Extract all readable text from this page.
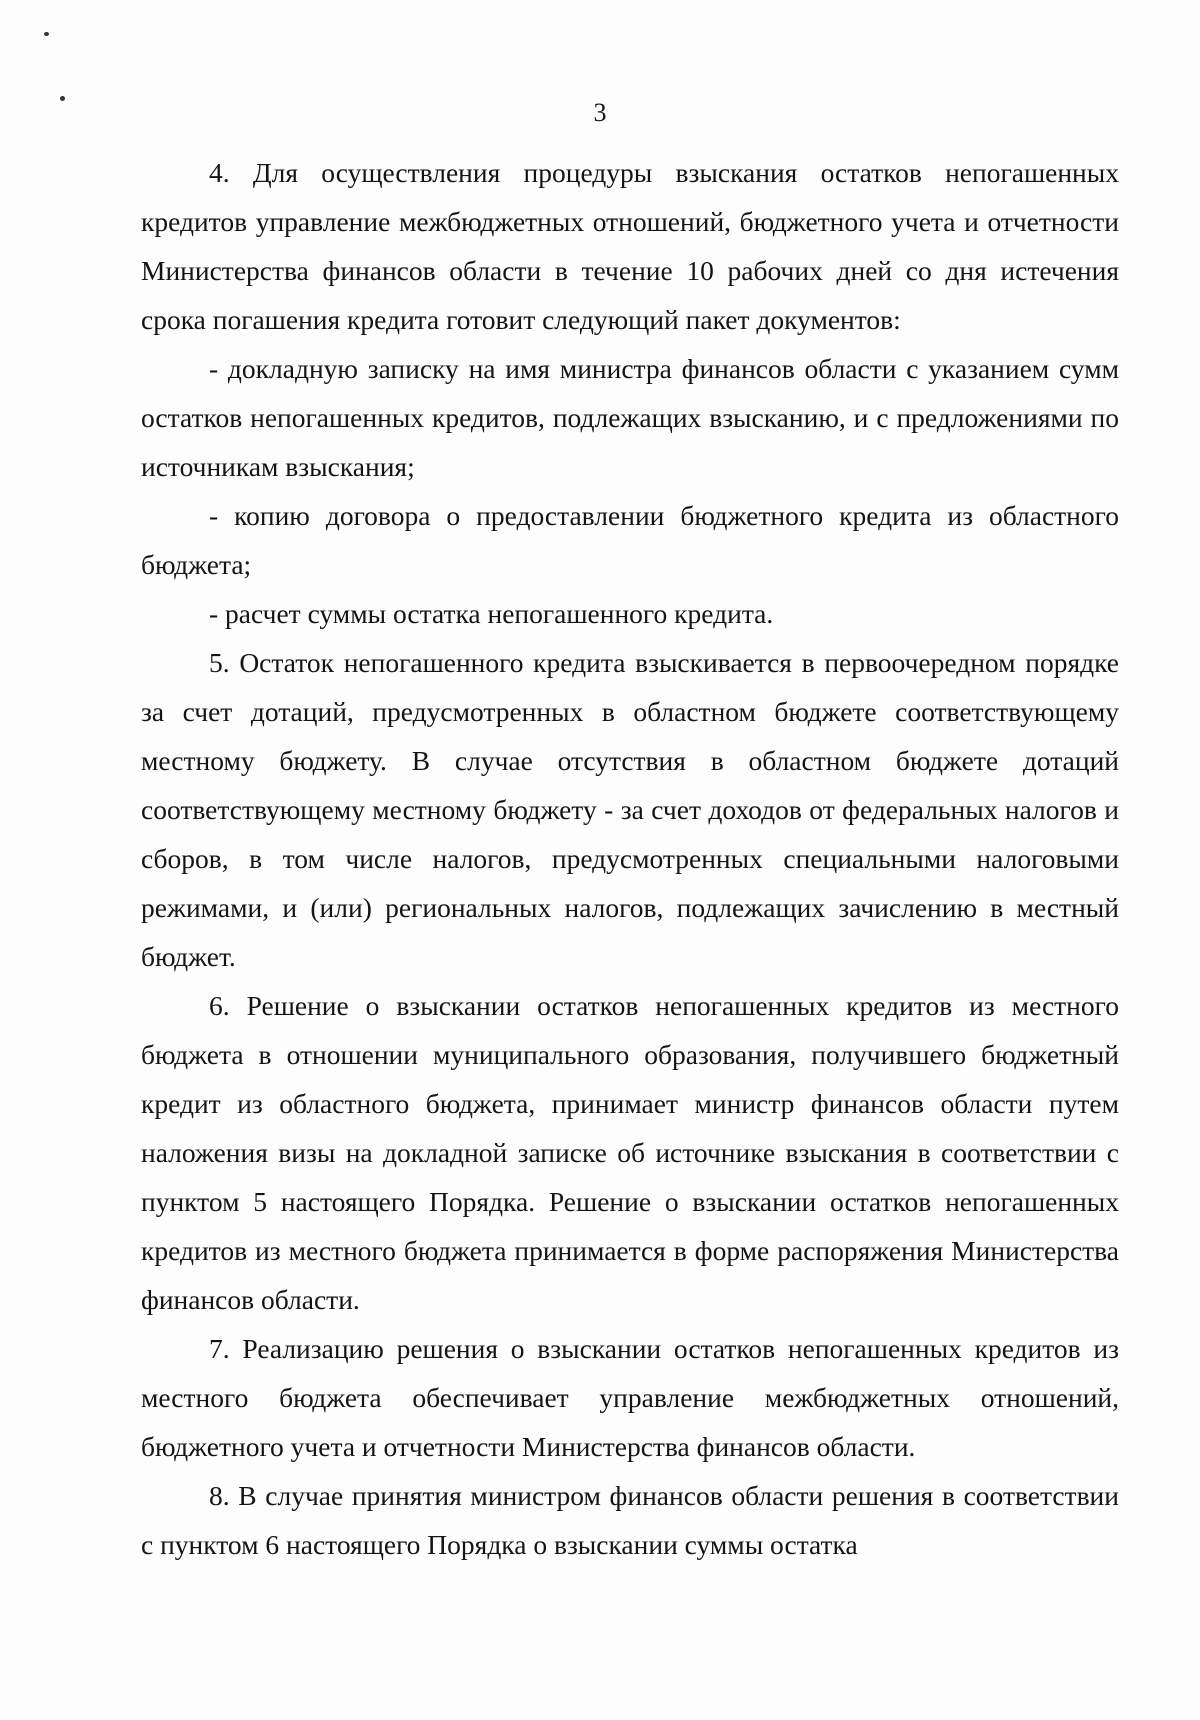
3

4. Для осуществления процедуры взыскания остатков непогашенных кредитов управление межбюджетных отношений, бюджетного учета и отчетности Министерства финансов области в течение 10 рабочих дней со дня истечения срока погашения кредита готовит следующий пакет документов:

- докладную записку на имя министра финансов области с указанием сумм остатков непогашенных кредитов, подлежащих взысканию, и с предложениями по источникам взыскания;

- копию договора о предоставлении бюджетного кредита из областного бюджета;

- расчет суммы остатка непогашенного кредита.

5. Остаток непогашенного кредита взыскивается в первоочередном порядке за счет дотаций, предусмотренных в областном бюджете соответствующему местному бюджету. В случае отсутствия в областном бюджете дотаций соответствующему местному бюджету - за счет доходов от федеральных налогов и сборов, в том числе налогов, предусмотренных специальными налоговыми режимами, и (или) региональных налогов, подлежащих зачислению в местный бюджет.

6. Решение о взыскании остатков непогашенных кредитов из местного бюджета в отношении муниципального образования, получившего бюджетный кредит из областного бюджета, принимает министр финансов области путем наложения визы на докладной записке об источнике взыскания в соответствии с пунктом 5 настоящего Порядка. Решение о взыскании остатков непогашенных кредитов из местного бюджета принимается в форме распоряжения Министерства финансов области.

7. Реализацию решения о взыскании остатков непогашенных кредитов из местного бюджета обеспечивает управление межбюджетных отношений, бюджетного учета и отчетности Министерства финансов области.

8. В случае принятия министром финансов области решения в соответствии с пунктом 6 настоящего Порядка о взыскании суммы остатка
